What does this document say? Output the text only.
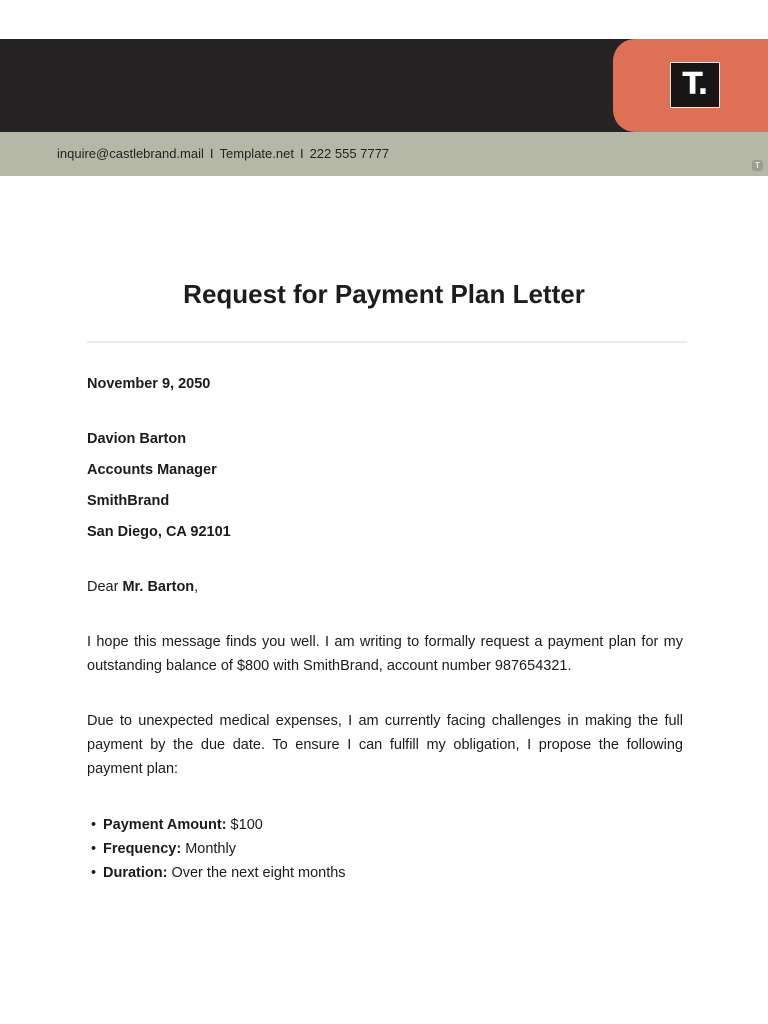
T.
inquire@castlebrand.mail I Template.net I 222 555 7777
T
Request for Payment Plan Letter

November 9, 2050

Davion Barton

Accounts Manager

SmithBrand

San Diego, CA 92101

Dear Mr. Barton,

I hope this message finds you well. I am writing to formally request a payment plan for my outstanding balance of $800 with SmithBrand, account number 987654321.

Due to unexpected medical expenses, I am currently facing challenges in making the full payment by the due date. To ensure I can fulfill my obligation, I propose the following payment plan:

• Payment Amount: $100
• Frequency: Monthly
• Duration: Over the next eight months
